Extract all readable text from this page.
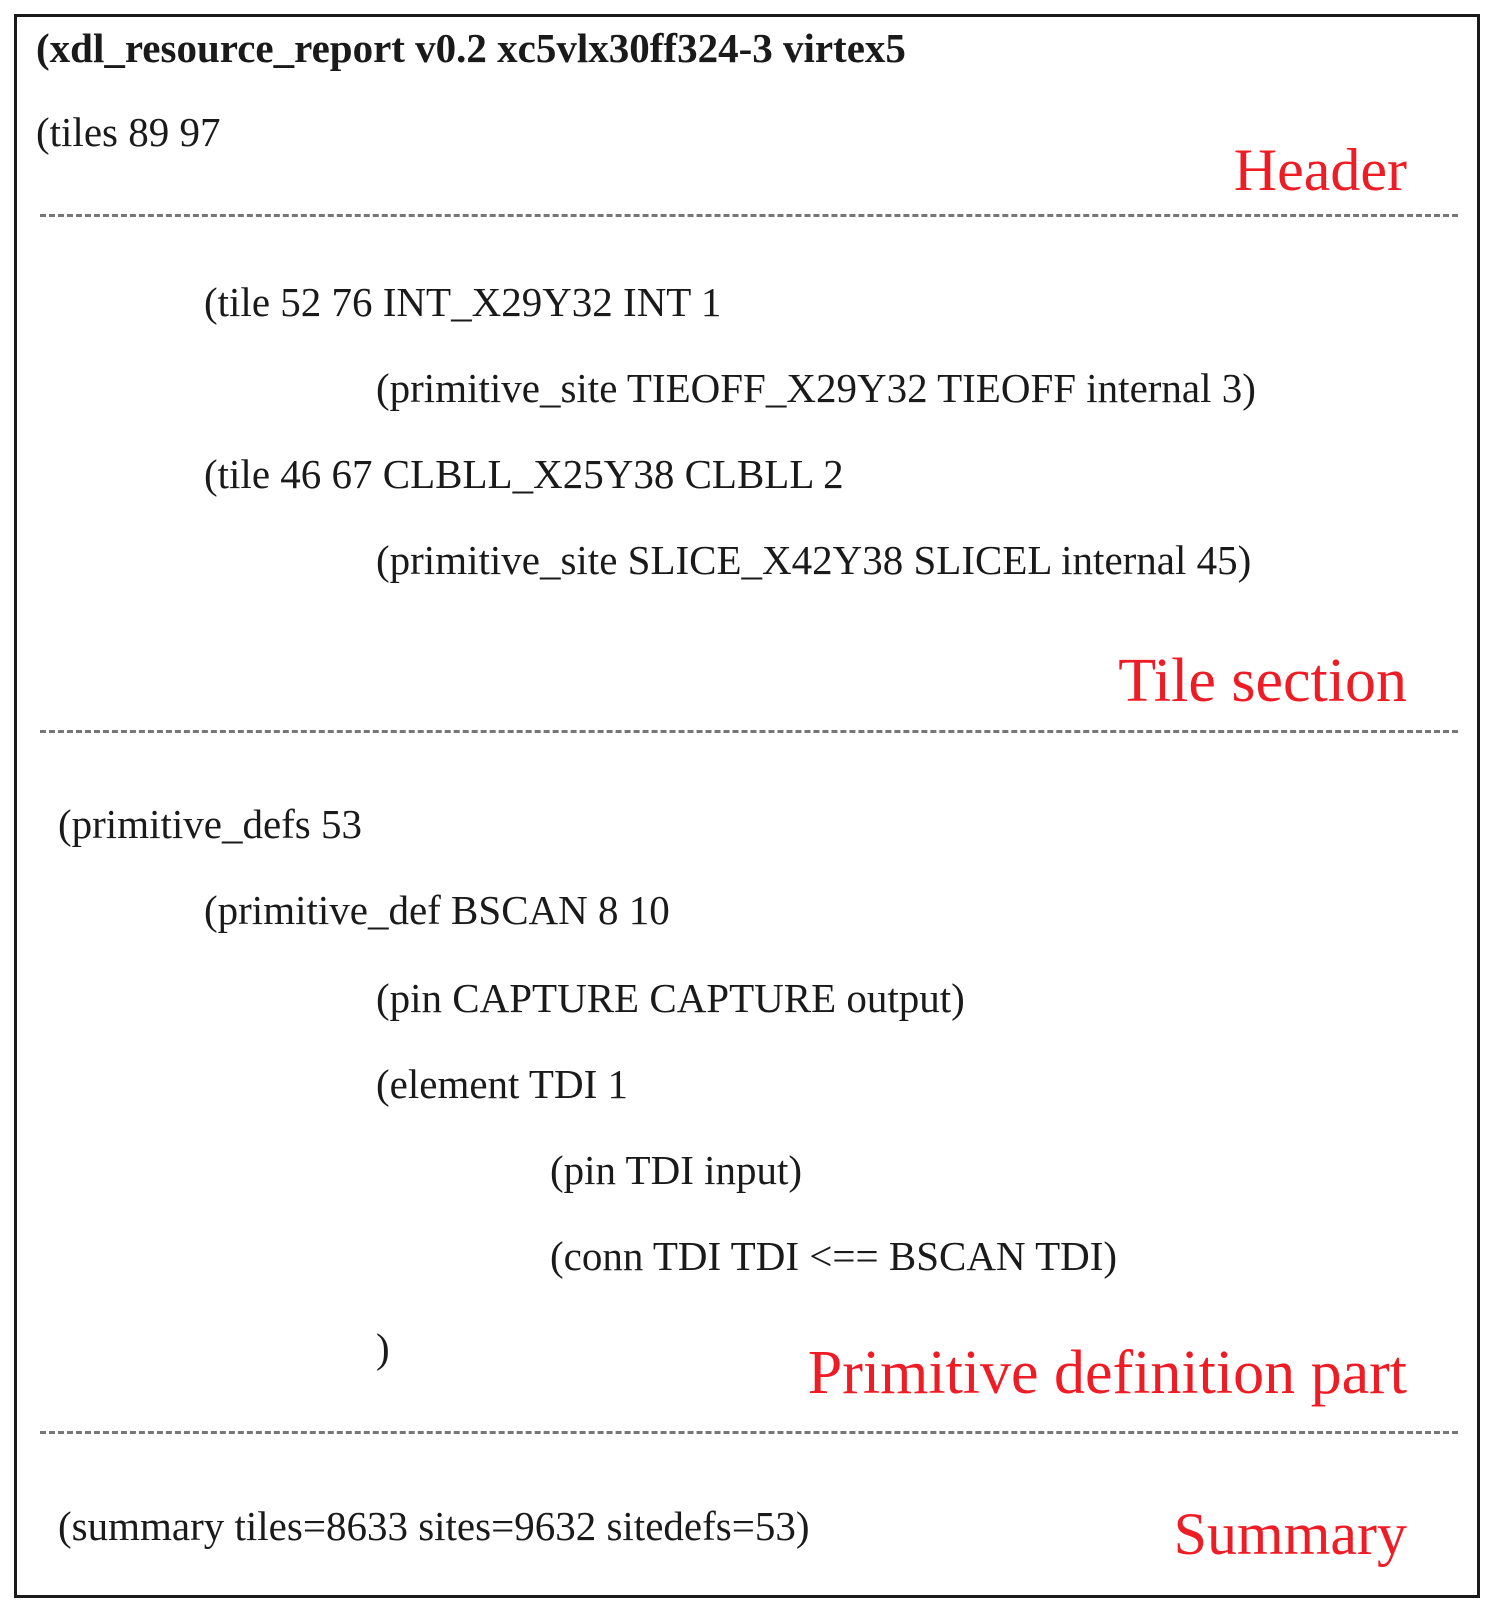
(xdl_resource_report v0.2 xc5vlx30ff324-3 virtex5
(tiles 89 97
Header
(tile 52 76 INT_X29Y32 INT 1
(primitive_site TIEOFF_X29Y32 TIEOFF internal 3)
(tile 46 67 CLBLL_X25Y38 CLBLL 2
(primitive_site SLICE_X42Y38 SLICEL internal 45)
Tile section
(primitive_defs 53
(primitive_def BSCAN 8 10
(pin CAPTURE CAPTURE output)
(element TDI 1
(pin TDI input)
(conn TDI TDI <== BSCAN TDI)
)	Primitive definition part
(summary tiles=8633 sites=9632 sitedefs=53)	Summary
